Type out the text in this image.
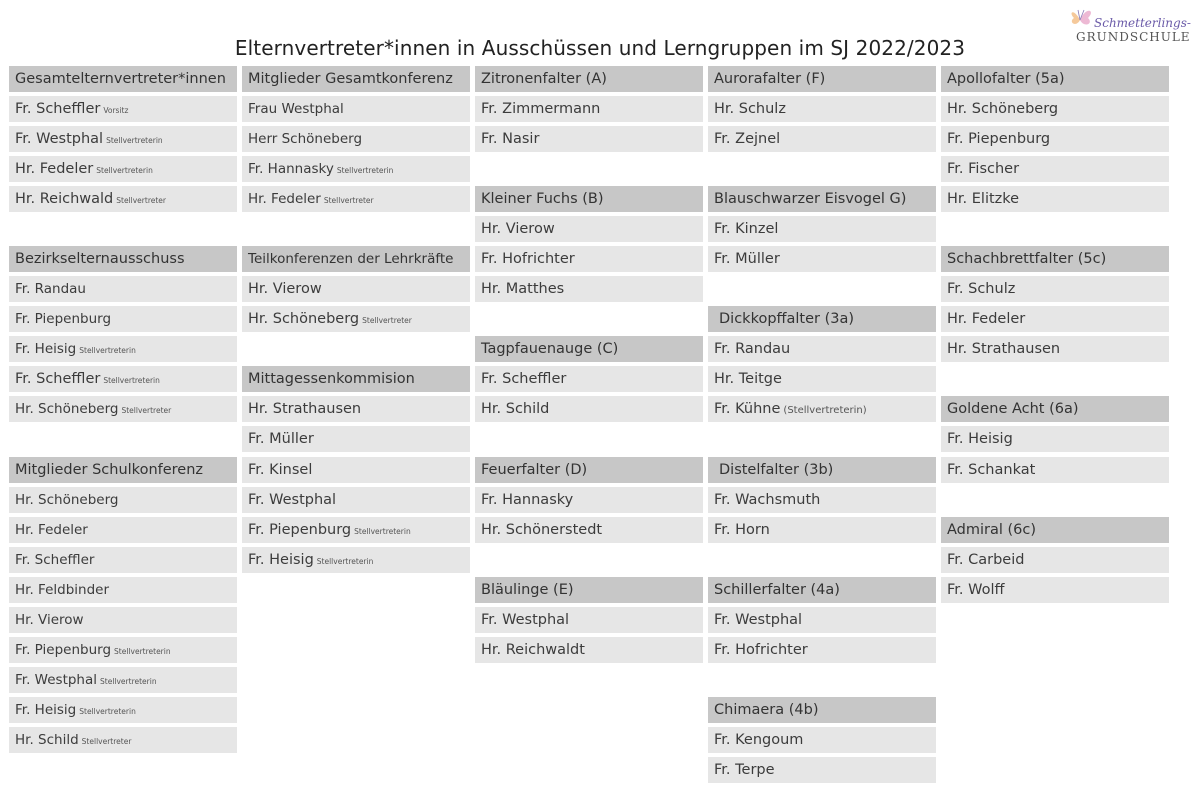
Elternvertreter*innen in Ausschüssen und Lerngruppen im SJ 2022/2023
Schmetterlings-
GRUNDSCHULE
Gesamtelternvertreter*innen
Fr. Scheffler Vorsitz
Fr. Westphal Stellvertreterin
Hr. Fedeler Stellvertreterin
Hr. Reichwald Stellvertreter
Bezirkselternausschuss
Fr. Randau
Fr. Piepenburg
Fr. Heisig Stellvertreterin
Fr. Scheffler Stellvertreterin
Hr. Schöneberg Stellvertreter
Mitglieder Schulkonferenz
Hr. Schöneberg
Hr. Fedeler
Fr. Scheffler
Hr. Feldbinder
Hr. Vierow
Fr. Piepenburg Stellvertreterin
Fr. Westphal Stellvertreterin
Fr. Heisig Stellvertreterin
Hr. Schild Stellvertreter
Mitglieder Gesamtkonferenz
Frau Westphal
Herr Schöneberg
Fr. Hannasky Stellvertreterin
Hr. Fedeler Stellvertreter
Teilkonferenzen der Lehrkräfte
Hr. Vierow
Hr. Schöneberg Stellvertreter
Mittagessenkommision
Hr. Strathausen
Fr. Müller
Fr. Kinsel
Fr. Westphal
Fr. Piepenburg Stellvertreterin
Fr. Heisig Stellvertreterin
Zitronenfalter (A)
Fr. Zimmermann
Fr. Nasir
Kleiner Fuchs (B)
Hr. Vierow
Fr. Hofrichter
Hr. Matthes
Tagpfauenauge (C)
Fr. Scheffler
Hr. Schild
Feuerfalter (D)
Fr. Hannasky
Hr. Schönerstedt
Bläulinge (E)
Fr. Westphal
Hr. Reichwaldt
Aurorafalter (F)
Hr. Schulz
Fr. Zejnel
Blauschwarzer Eisvogel G)
Fr. Kinzel
Fr. Müller
Dickkopffalter (3a)
Fr. Randau
Hr. Teitge
Fr. Kühne (Stellvertreterin)
Distelfalter (3b)
Fr. Wachsmuth
Fr. Horn
Schillerfalter (4a)
Fr. Westphal
Fr. Hofrichter
Chimaera (4b)
Fr. Kengoum
Fr. Terpe
Apollofalter (5a)
Hr. Schöneberg
Fr. Piepenburg
Fr. Fischer
Hr. Elitzke
Schachbrettfalter (5c)
Fr. Schulz
Hr. Fedeler
Hr. Strathausen
Goldene Acht (6a)
Fr. Heisig
Fr. Schankat
Admiral (6c)
Fr. Carbeid
Fr. Wolff
